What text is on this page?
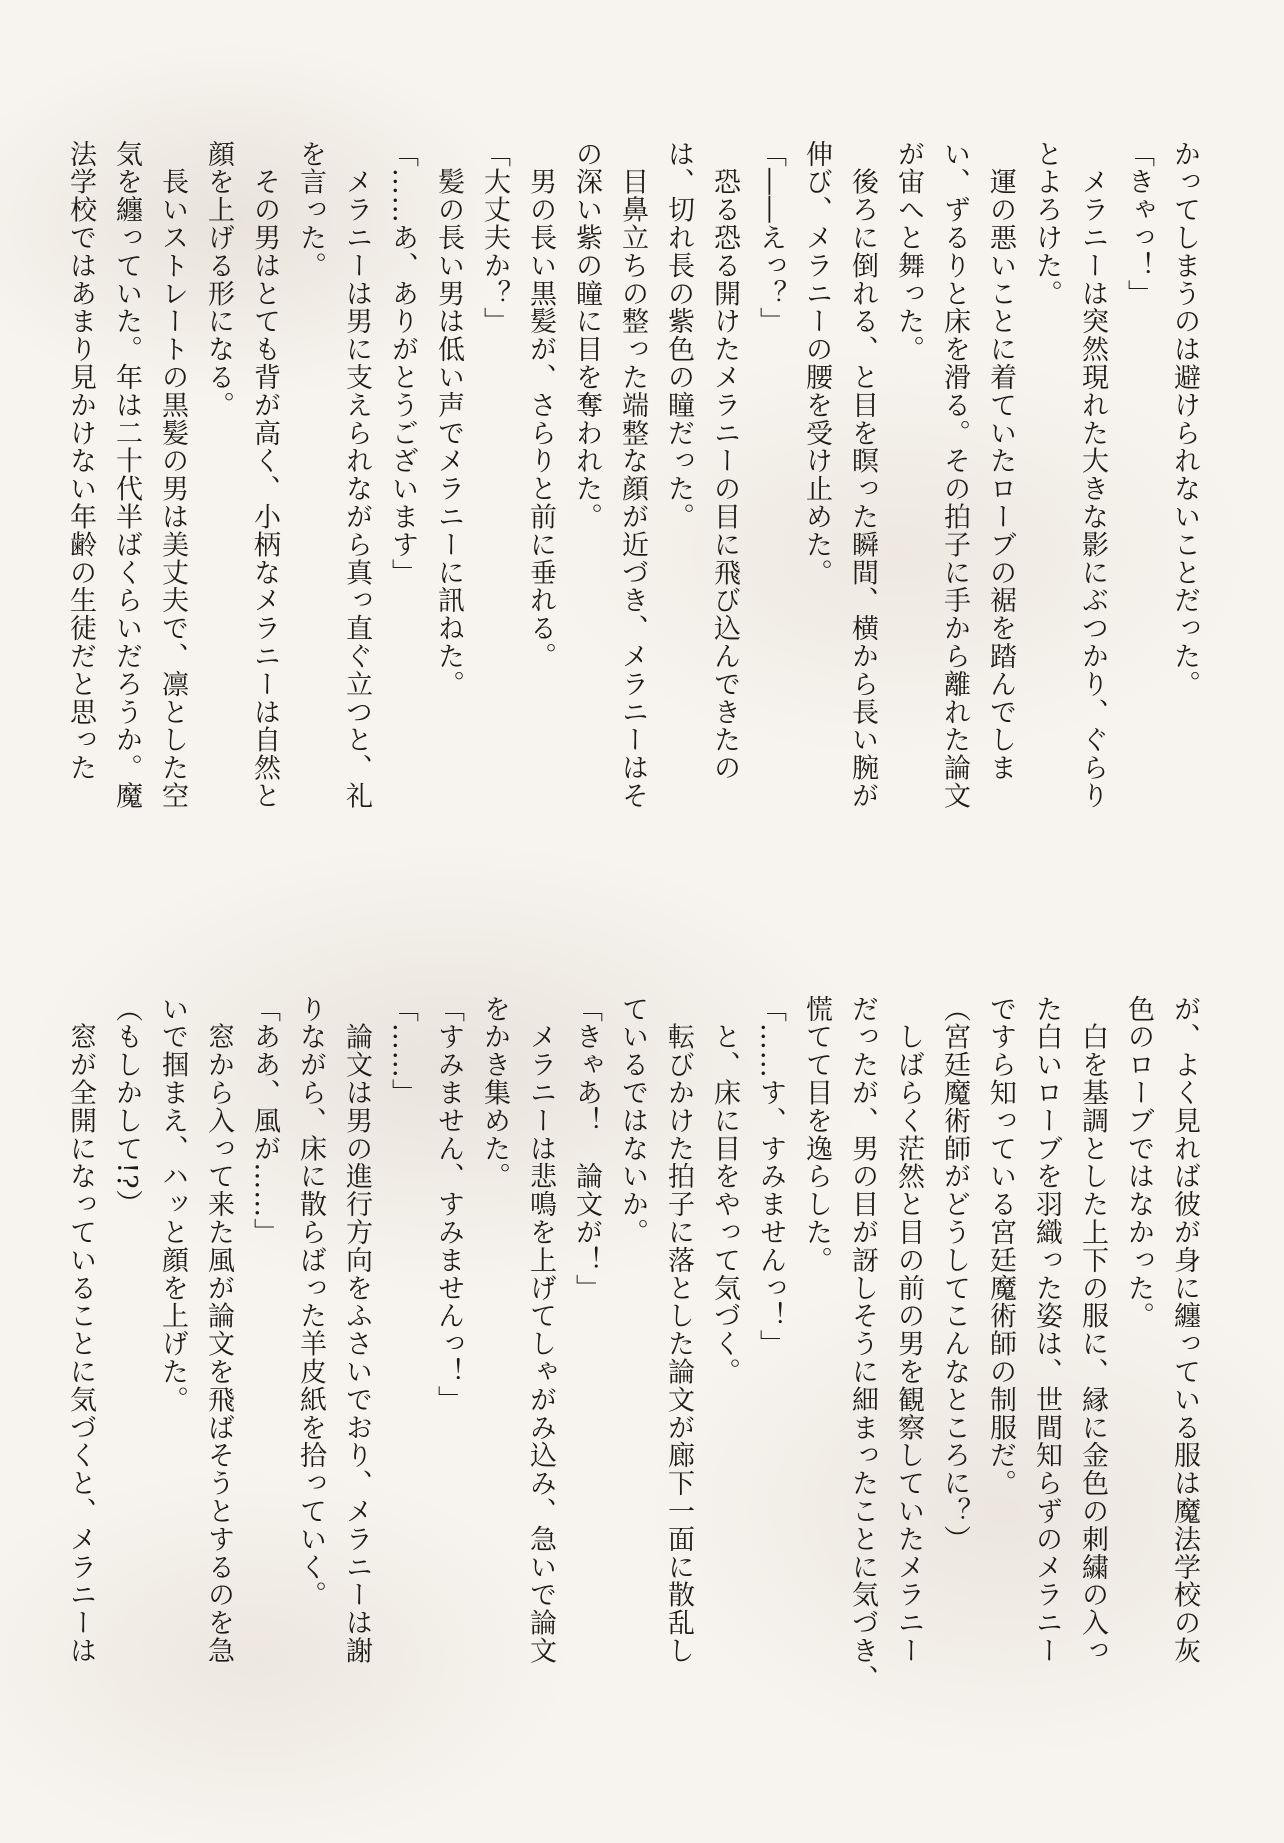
かってしまうのは避けられないことだった。

「きゃっ！」

　メラニーは突然現れた大きな影にぶつかり、ぐらり

とよろけた。

　運の悪いことに着ていたローブの裾を踏んでしま

い、ずるりと床を滑る。その拍子に手から離れた論文

が宙へと舞った。

　後ろに倒れる、と目を瞑った瞬間、横から長い腕が

伸び、メラニーの腰を受け止めた。

「――えっ？」

　恐る恐る開けたメラニーの目に飛び込んできたの

は、切れ長の紫色の瞳だった。

　目鼻立ちの整った端整な顔が近づき、メラニーはそ

の深い紫の瞳に目を奪われた。

　男の長い黒髪が、さらりと前に垂れる。

「大丈夫か？」

　髪の長い男は低い声でメラニーに訊ねた。

「……あ、ありがとうございます」

　メラニーは男に支えられながら真っ直ぐ立つと、礼

を言った。

　その男はとても背が高く、小柄なメラニーは自然と

顔を上げる形になる。

　長いストレートの黒髪の男は美丈夫で、凛とした空

気を纏っていた。年は二十代半ばくらいだろうか。魔

法学校ではあまり見かけない年齢の生徒だと思った

が、よく見れば彼が身に纏っている服は魔法学校の灰

色のローブではなかった。

　白を基調とした上下の服に、縁に金色の刺繍の入っ

た白いローブを羽織った姿は、世間知らずのメラニー

ですら知っている宮廷魔術師の制服だ。

（宮廷魔術師がどうしてこんなところに？）

　しばらく茫然と目の前の男を観察していたメラニー

だったが、男の目が訝しそうに細まったことに気づき、

慌てて目を逸らした。

「……す、すみませんっ！」

　と、床に目をやって気づく。

　転びかけた拍子に落とした論文が廊下一面に散乱し

ているではないか。

「きゃあ！　論文が！」

　メラニーは悲鳴を上げてしゃがみ込み、急いで論文

をかき集めた。

「すみません、すみませんっ！」

「……」

　論文は男の進行方向をふさいでおり、メラニーは謝

りながら、床に散らばった羊皮紙を拾っていく。

「ああ、風が……」

　窓から入って来た風が論文を飛ばそうとするのを急

いで掴まえ、ハッと顔を上げた。

（もしかして!?）

　窓が全開になっていることに気づくと、メラニーは
